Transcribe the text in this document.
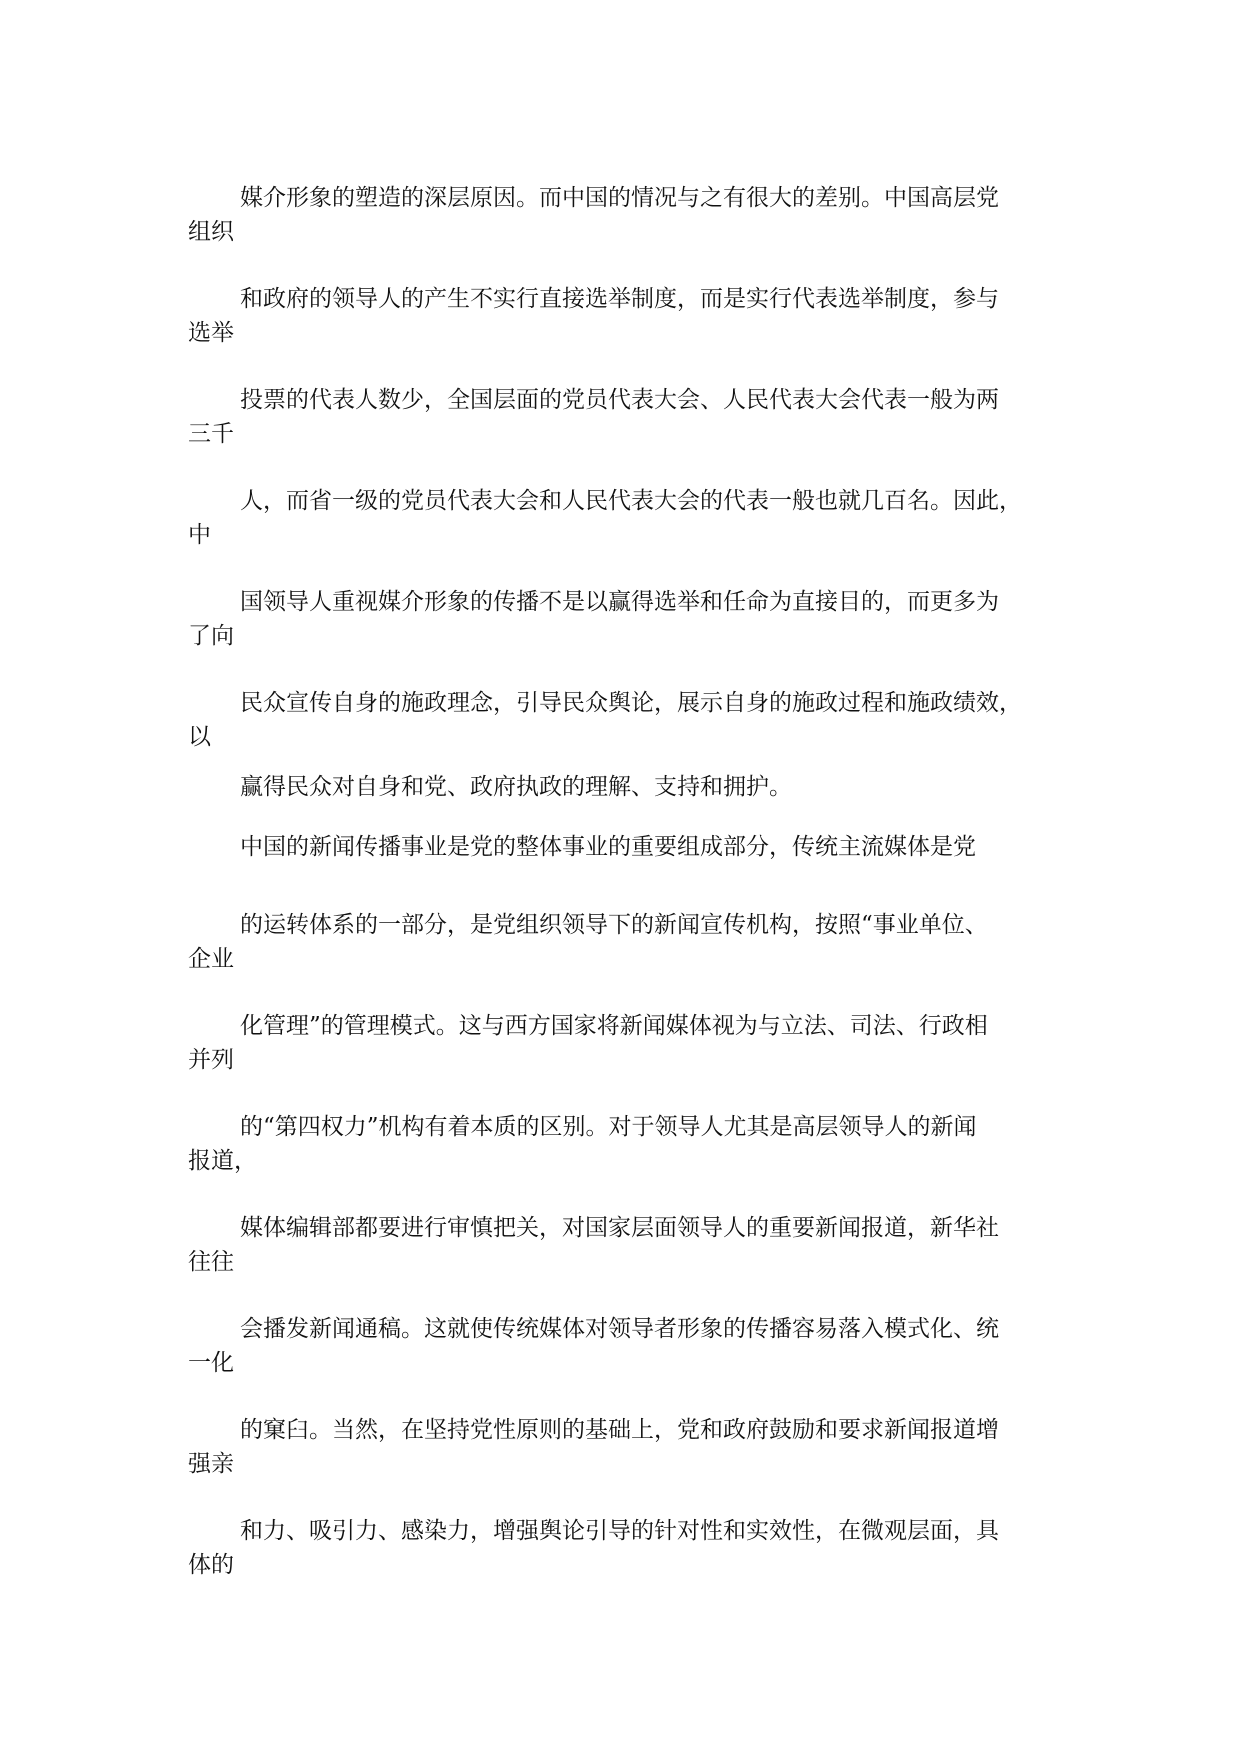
媒介形象的塑造的深层原因。而中国的情况与之有很大的差别。中国高层党
组织
和政府的领导人的产生不实行直接选举制度，而是实行代表选举制度，参与
选举
投票的代表人数少，全国层面的党员代表大会、人民代表大会代表一般为两
三千
人，而省一级的党员代表大会和人民代表大会的代表一般也就几百名。因此，
中
国领导人重视媒介形象的传播不是以赢得选举和任命为直接目的，而更多为
了向
民众宣传自身的施政理念，引导民众舆论，展示自身的施政过程和施政绩效，
以
赢得民众对自身和党、政府执政的理解、支持和拥护。
中国的新闻传播事业是党的整体事业的重要组成部分，传统主流媒体是党
的运转体系的一部分，是党组织领导下的新闻宣传机构，按照“事业单位、
企业
化管理”的管理模式。这与西方国家将新闻媒体视为与立法、司法、行政相
并列
的“第四权力”机构有着本质的区别。对于领导人尤其是高层领导人的新闻
报道，
媒体编辑部都要进行审慎把关，对国家层面领导人的重要新闻报道，新华社
往往
会播发新闻通稿。这就使传统媒体对领导者形象的传播容易落入模式化、统
一化
的窠臼。当然，在坚持党性原则的基础上，党和政府鼓励和要求新闻报道增
强亲
和力、吸引力、感染力，增强舆论引导的针对性和实效性，在微观层面，具
体的
